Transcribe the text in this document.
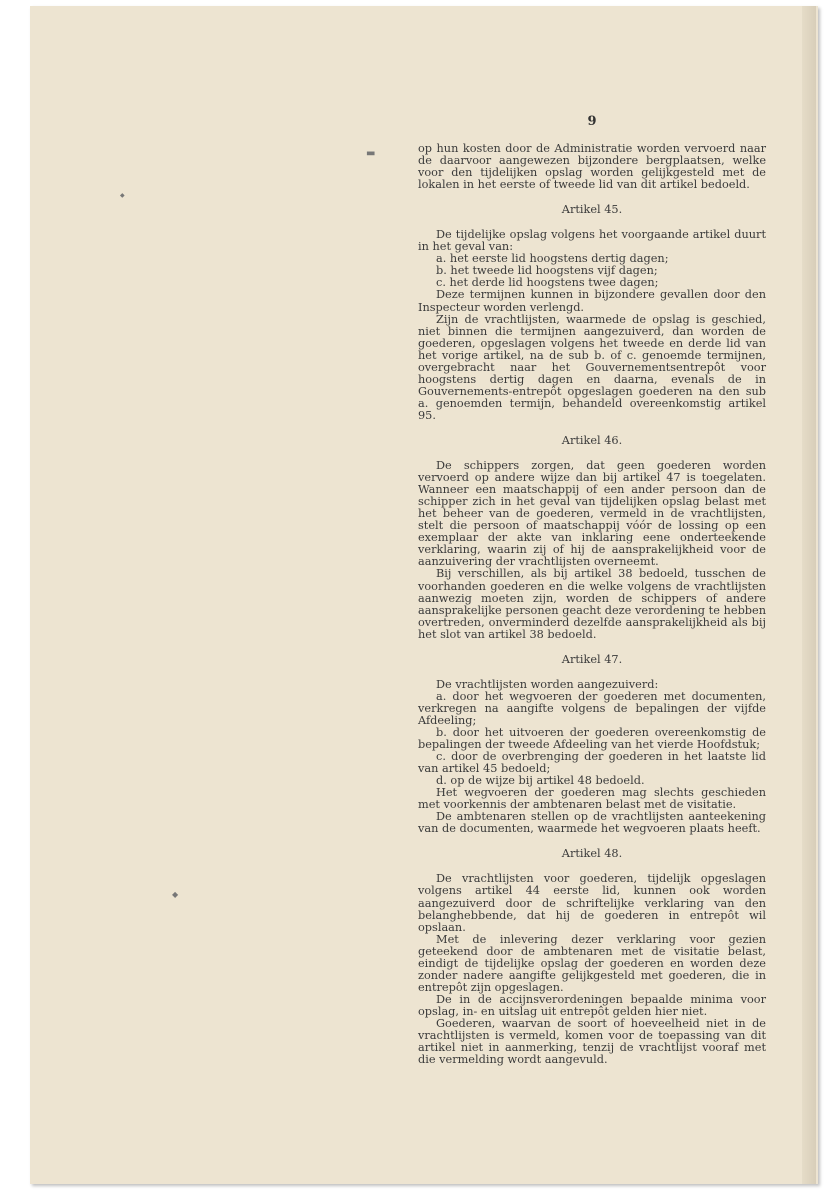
9
▬
◆
◆

op hun kosten door de Administratie worden vervoerd naar de daarvoor aangewezen bijzondere bergplaatsen, welke voor den tijdelijken opslag worden gelijkgesteld met de lokalen in het eerste of tweede lid van dit artikel bedoeld.

Artikel 45.

De tijdelijke opslag volgens het voorgaande artikel duurt in het geval van:

a. het eerste lid hoogstens dertig dagen;

b. het tweede lid hoogstens vijf dagen;

c. het derde lid hoogstens twee dagen;

Deze termijnen kunnen in bijzondere gevallen door den Inspecteur worden verlengd.

Zijn de vrachtlijsten, waarmede de opslag is geschied, niet binnen die termijnen aangezuiverd, dan worden de goederen, opgeslagen volgens het tweede en derde lid van het vorige artikel, na de sub b. of c. genoemde termijnen, overgebracht naar het Gouvernementsentrepôt voor hoogstens dertig dagen en daarna, evenals de in Gouvernements-entrepôt opgeslagen goederen na den sub a. genoemden termijn, behandeld overeenkomstig artikel 95.

Artikel 46.

De schippers zorgen, dat geen goederen worden vervoerd op andere wijze dan bij artikel 47 is toegelaten. Wanneer een maatschappij of een ander persoon dan de schipper zich in het geval van tijdelijken opslag belast met het beheer van de goederen, vermeld in de vrachtlijsten, stelt die persoon of maatschappij vóór de lossing op een exemplaar der akte van inklaring eene onderteekende verklaring, waarin zij of hij de aansprakelijkheid voor de aanzuivering der vrachtlijsten overneemt.

Bij verschillen, als bij artikel 38 bedoeld, tusschen de voorhanden goederen en die welke volgens de vrachtlijsten aanwezig moeten zijn, worden de schippers of andere aansprakelijke personen geacht deze verordening te hebben overtreden, onverminderd dezelfde aansprakelijkheid als bij het slot van artikel 38 bedoeld.

Artikel 47.

De vrachtlijsten worden aangezuiverd:

a. door het wegvoeren der goederen met documenten, verkregen na aangifte volgens de bepalingen der vijfde Afdeeling;

b. door het uitvoeren der goederen overeenkomstig de bepalingen der tweede Afdeeling van het vierde Hoofdstuk;

c. door de overbrenging der goederen in het laatste lid van artikel 45 bedoeld;

d. op de wijze bij artikel 48 bedoeld.

Het wegvoeren der goederen mag slechts geschieden met voorkennis der ambtenaren belast met de visitatie.

De ambtenaren stellen op de vrachtlijsten aanteekening van de documenten, waarmede het wegvoeren plaats heeft.

Artikel 48.

De vrachtlijsten voor goederen, tijdelijk opgeslagen volgens artikel 44 eerste lid, kunnen ook worden aangezuiverd door de schriftelijke verklaring van den belanghebbende, dat hij de goederen in entrepôt wil opslaan.

Met de inlevering dezer verklaring voor gezien geteekend door de ambtenaren met de visitatie belast, eindigt de tijdelijke opslag der goederen en worden deze zonder nadere aangifte gelijkgesteld met goederen, die in entrepôt zijn opgeslagen.

De in de accijnsverordeningen bepaalde minima voor opslag, in- en uitslag uit entrepôt gelden hier niet.

Goederen, waarvan de soort of hoeveelheid niet in de vrachtlijsten is vermeld, komen voor de toepassing van dit artikel niet in aanmerking, tenzij de vrachtlijst vooraf met die vermelding wordt aangevuld.
